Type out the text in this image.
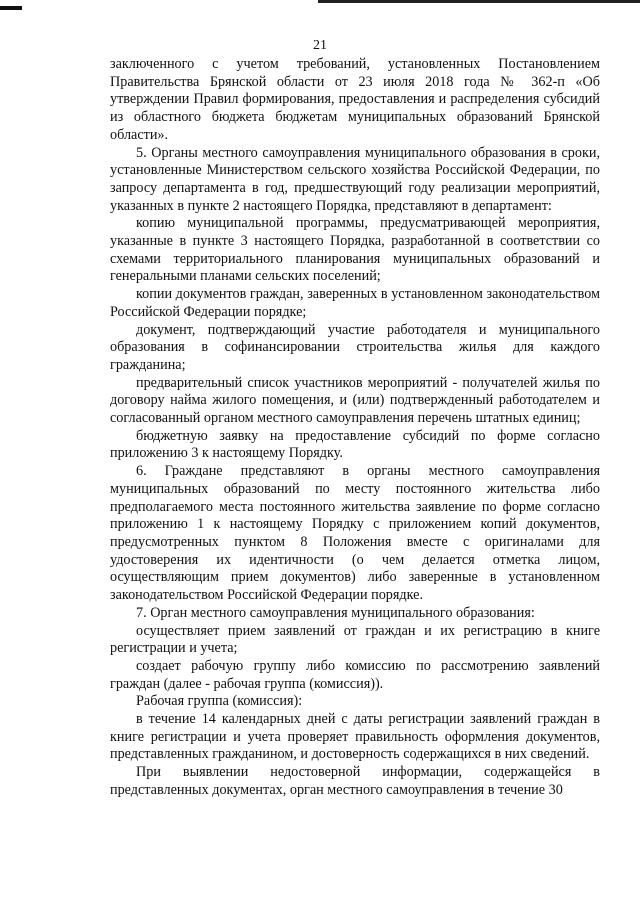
21

заключенного с учетом требований, установленных Постановлением Правительства Брянской области от 23 июля 2018 года № 362-п «Об утверждении Правил формирования, предоставления и распределения субсидий из областного бюджета бюджетам муниципальных образований Брянской области».

5. Органы местного самоуправления муниципального образования в сроки, установленные Министерством сельского хозяйства Российской Федерации, по запросу департамента в год, предшествующий году реализации мероприятий, указанных в пункте 2 настоящего Порядка, представляют в департамент:

копию муниципальной программы, предусматривающей мероприятия, указанные в пункте 3 настоящего Порядка, разработанной в соответствии со схемами территориального планирования муниципальных образований и генеральными планами сельских поселений;

копии документов граждан, заверенных в установленном законодательством Российской Федерации порядке;

документ, подтверждающий участие работодателя и муниципального образования в софинансировании строительства жилья для каждого гражданина;

предварительный список участников мероприятий - получателей жилья по договору найма жилого помещения, и (или) подтвержденный работодателем и согласованный органом местного самоуправления перечень штатных единиц;

бюджетную заявку на предоставление субсидий по форме согласно приложению 3 к настоящему Порядку.

6. Граждане представляют в органы местного самоуправления муниципальных образований по месту постоянного жительства либо предполагаемого места постоянного жительства заявление по форме согласно приложению 1 к настоящему Порядку с приложением копий документов, предусмотренных пунктом 8 Положения вместе с оригиналами для удостоверения их идентичности (о чем делается отметка лицом, осуществляющим прием документов) либо заверенные в установленном законодательством Российской Федерации порядке.

7. Орган местного самоуправления муниципального образования:

осуществляет прием заявлений от граждан и их регистрацию в книге регистрации и учета;

создает рабочую группу либо комиссию по рассмотрению заявлений граждан (далее - рабочая группа (комиссия)).

Рабочая группа (комиссия):

в течение 14 календарных дней с даты регистрации заявлений граждан в книге регистрации и учета проверяет правильность оформления документов, представленных гражданином, и достоверность содержащихся в них сведений.

При выявлении недостоверной информации, содержащейся в представленных документах, орган местного самоуправления в течение 30
